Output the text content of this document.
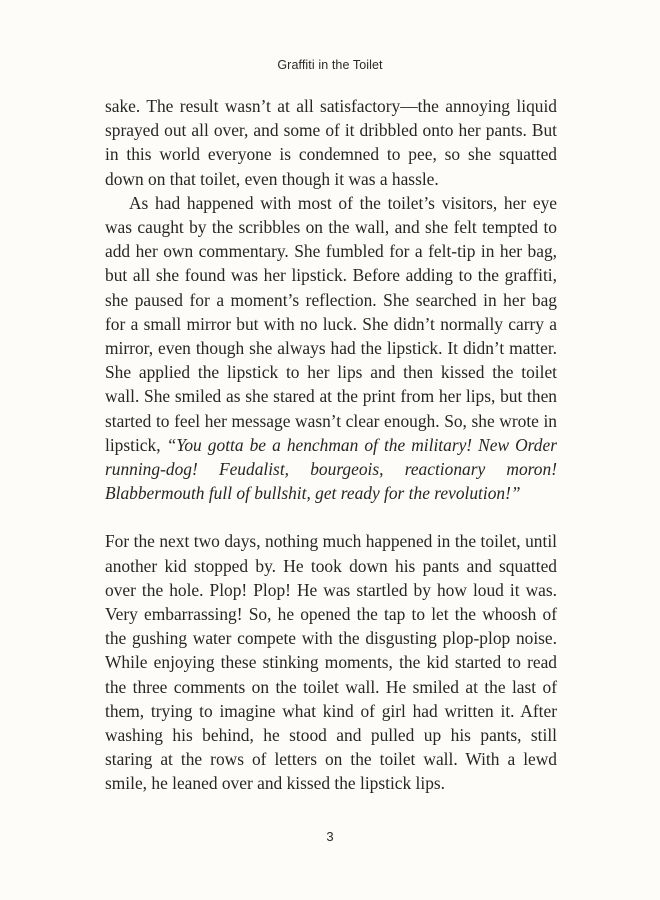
Graffiti in the Toilet

sake. The result wasn’t at all satisfactory—the annoying liquid sprayed out all over, and some of it dribbled onto her pants. But in this world everyone is condemned to pee, so she squatted down on that toilet, even though it was a hassle.

As had happened with most of the toilet’s visitors, her eye was caught by the scribbles on the wall, and she felt tempted to add her own commentary. She fumbled for a felt-tip in her bag, but all she found was her lipstick. Before adding to the graffiti, she paused for a moment’s reflection. She searched in her bag for a small mirror but with no luck. She didn’t normally carry a mirror, even though she always had the lipstick. It didn’t matter. She applied the lipstick to her lips and then kissed the toilet wall. She smiled as she stared at the print from her lips, but then started to feel her message wasn’t clear enough. So, she wrote in lipstick, “You gotta be a henchman of the military! New Order running-dog! Feudalist, bourgeois, reactionary moron! Blabbermouth full of bullshit, get ready for the revolution!”

For the next two days, nothing much happened in the toilet, until another kid stopped by. He took down his pants and squatted over the hole. Plop! Plop! He was startled by how loud it was. Very embarrassing! So, he opened the tap to let the whoosh of the gushing water compete with the disgusting plop-plop noise. While enjoying these stinking moments, the kid started to read the three comments on the toilet wall. He smiled at the last of them, trying to imagine what kind of girl had written it. After washing his behind, he stood and pulled up his pants, still staring at the rows of letters on the toilet wall. With a lewd smile, he leaned over and kissed the lipstick lips.

3
